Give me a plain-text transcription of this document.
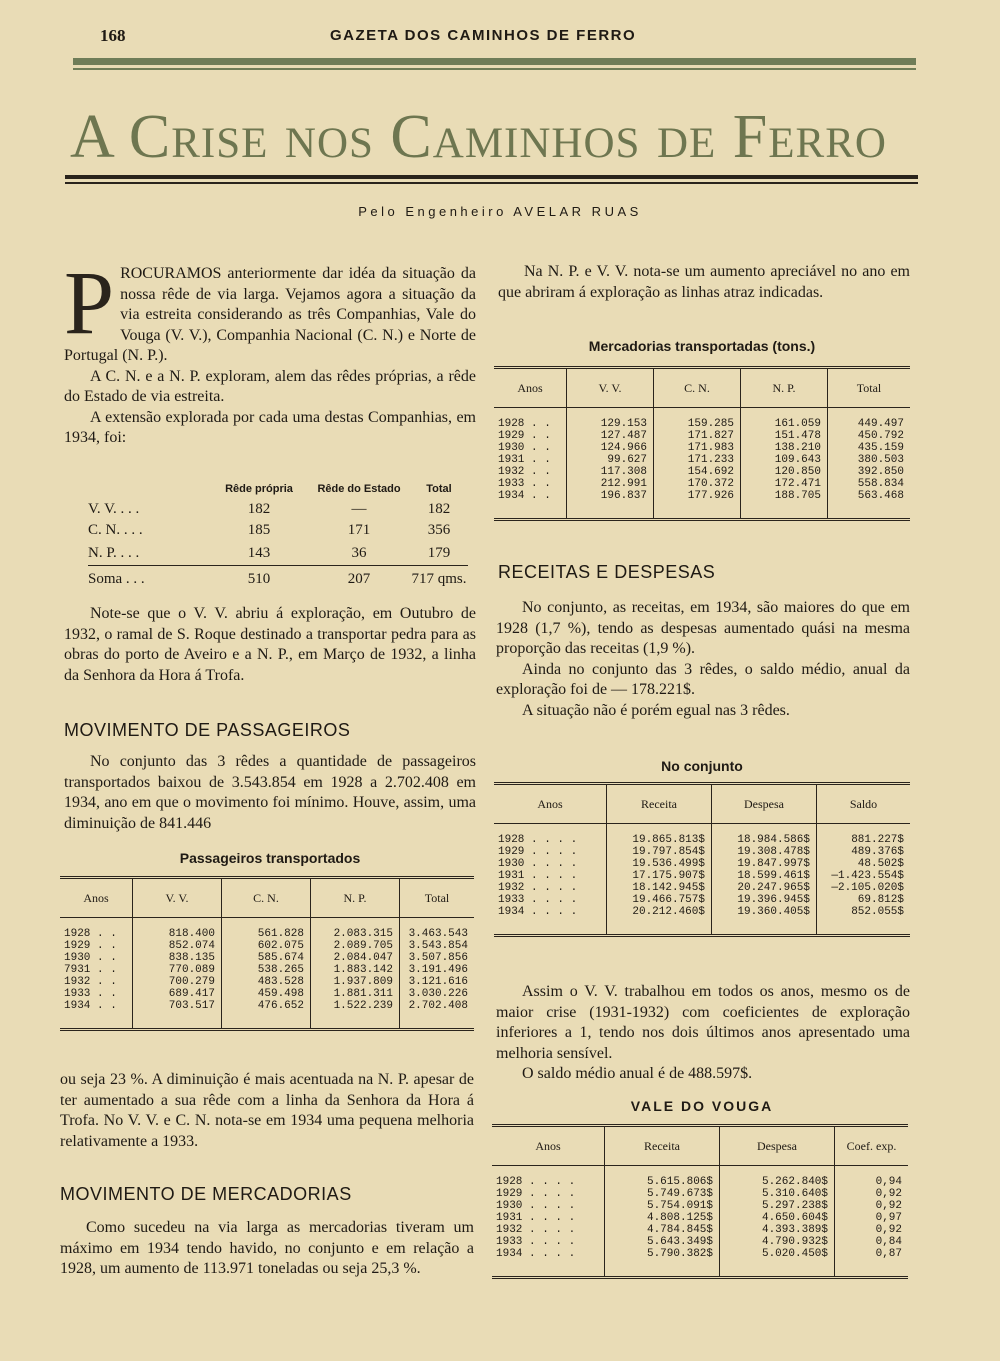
168	GAZETA DOS CAMINHOS DE FERRO
A Crise nos Caminhos de Ferro
Pelo Engenheiro AVELAR RUAS
P ROCURAMOS anteriormente dar idéa da situação da nossa rêde de via larga. Vejamos agora a situação da via estreita considerando as três Companhias, Vale do Vouga (V. V.), Companhia Nacional (C. N.) e Norte de Portugal (N. P.).

A C. N. e a N. P. exploram, alem das rêdes próprias, a rêde do Estado de via estreita.

A extensão explorada por cada uma destas Companhias, em 1934, foi:

	Rêde própria	Rêde do Estado	Total
V. V. . . .	182	—	182
C. N. . . .	185	171	356
N. P. . . .	143	36	179
Soma . . .	510	207	717 qms.

Note-se que o V. V. abriu á exploração, em Outubro de 1932, o ramal de S. Roque destinado a transportar pedra para as obras do porto de Aveiro e a N. P., em Março de 1932, a linha da Senhora da Hora á Trofa.

MOVIMENTO DE PASSAGEIROS

No conjunto das 3 rêdes a quantidade de passageiros transportados baixou de 3.543.854 em 1928 a 2.702.408 em 1934, ano em que o movimento foi mínimo. Houve, assim, uma diminuição de 841.446

Passageiros transportados
Anos	V. V.	C. N.	N. P.	Total

1928 . .	818.400	561.828	2.083.315	3.463.543
1929 . .	852.074	602.075	2.089.705	3.543.854
1930 . .	838.135	585.674	2.084.047	3.507.856
7931 . .	770.089	538.265	1.883.142	3.191.496
1932 . .	700.279	483.528	1.937.809	3.121.616
1933 . .	689.417	459.498	1.881.311	3.030.226
1934 . .	703.517	476.652	1.522.239	2.702.408

ou seja 23 %. A diminuição é mais acentuada na N. P. apesar de ter aumentado a sua rêde com a linha da Senhora da Hora á Trofa. No V. V. e C. N. nota-se em 1934 uma pequena melhoria relativamente a 1933.

MOVIMENTO DE MERCADORIAS

Como sucedeu na via larga as mercadorias tiveram um máximo em 1934 tendo havido, no conjunto e em relação a 1928, um aumento de 113.971 toneladas ou seja 25,3 %.

Na N. P. e V. V. nota-se um aumento apreciável no ano em que abriram á exploração as linhas atraz indicadas.

Mercadorias transportadas (tons.)
Anos	V. V.	C. N.	N. P.	Total

1928 . .	129.153	159.285	161.059	449.497
1929 . .	127.487	171.827	151.478	450.792
1930 . .	124.966	171.983	138.210	435.159
1931 . .	99.627	171.233	109.643	380.503
1932 . .	117.308	154.692	120.850	392.850
1933 . .	212.991	170.372	172.471	558.834
1934 . .	196.837	177.926	188.705	563.468

RECEITAS E DESPESAS

No conjunto, as receitas, em 1934, são maiores do que em 1928 (1,7 %), tendo as despesas aumentado quási na mesma proporção das receitas (1,9 %).

Ainda no conjunto das 3 rêdes, o saldo médio, anual da exploração foi de — 178.221$.

A situação não é porém egual nas 3 rêdes.

No conjunto
Anos	Receita	Despesa	Saldo

1928 . . . .	19.865.813$	18.984.586$	881.227$
1929 . . . .	19.797.854$	19.308.478$	489.376$
1930 . . . .	19.536.499$	19.847.997$	48.502$
1931 . . . .	17.175.907$	18.599.461$	—1.423.554$
1932 . . . .	18.142.945$	20.247.965$	—2.105.020$
1933 . . . .	19.466.757$	19.396.945$	69.812$
1934 . . . .	20.212.460$	19.360.405$	852.055$

Assim o V. V. trabalhou em todos os anos, mesmo os de maior crise (1931-1932) com coeficientes de exploração inferiores a 1, tendo nos dois últimos anos apresentado uma melhoria sensível.

O saldo médio anual é de 488.597$.

VALE DO VOUGA
Anos	Receita	Despesa	Coef. exp.

1928 . . . .	5.615.806$	5.262.840$	0,94
1929 . . . .	5.749.673$	5.310.640$	0,92
1930 . . . .	5.754.091$	5.297.238$	0,92
1931 . . . .	4.808.125$	4.650.604$	0,97
1932 . . . .	4.784.845$	4.393.389$	0,92
1933 . . . .	5.643.349$	4.790.932$	0,84
1934 . . . .	5.790.382$	5.020.450$	0,87
